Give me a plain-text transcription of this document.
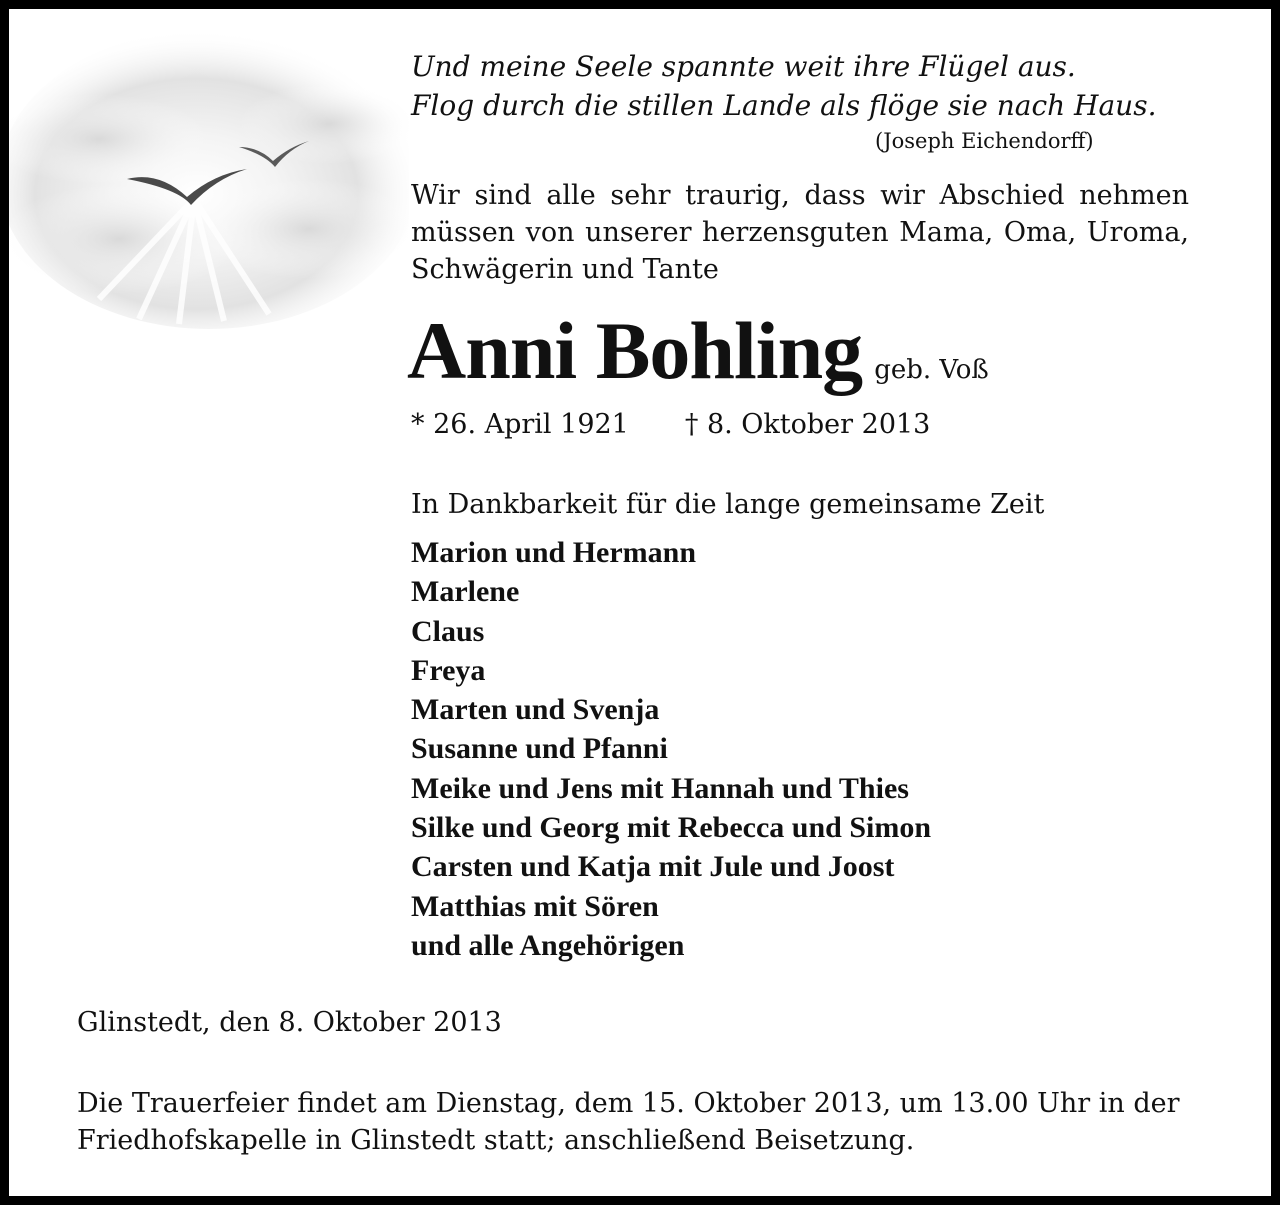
Und meine Seele spannte weit ihre Flügel aus.
Flog durch die stillen Lande als flöge sie nach Haus.
(Joseph Eichendorff)
Wir sind alle sehr traurig, dass wir Abschied nehmen müssen von unserer herzensguten Mama, Oma, Uroma, Schwägerin und Tante
Anni Bohling geb. Voß
* 26. April 1921 † 8. Oktober 2013
In Dankbarkeit für die lange gemeinsame Zeit
Marion und Hermann
Marlene
Claus
Freya
Marten und Svenja
Susanne und Pfanni
Meike und Jens mit Hannah und Thies
Silke und Georg mit Rebecca und Simon
Carsten und Katja mit Jule und Joost
Matthias mit Sören
und alle Angehörigen
Glinstedt, den 8. Oktober 2013
Die Trauerfeier findet am Dienstag, dem 15. Oktober 2013, um 13.00 Uhr in der Friedhofskapelle in Glinstedt statt; anschließend Beisetzung.
